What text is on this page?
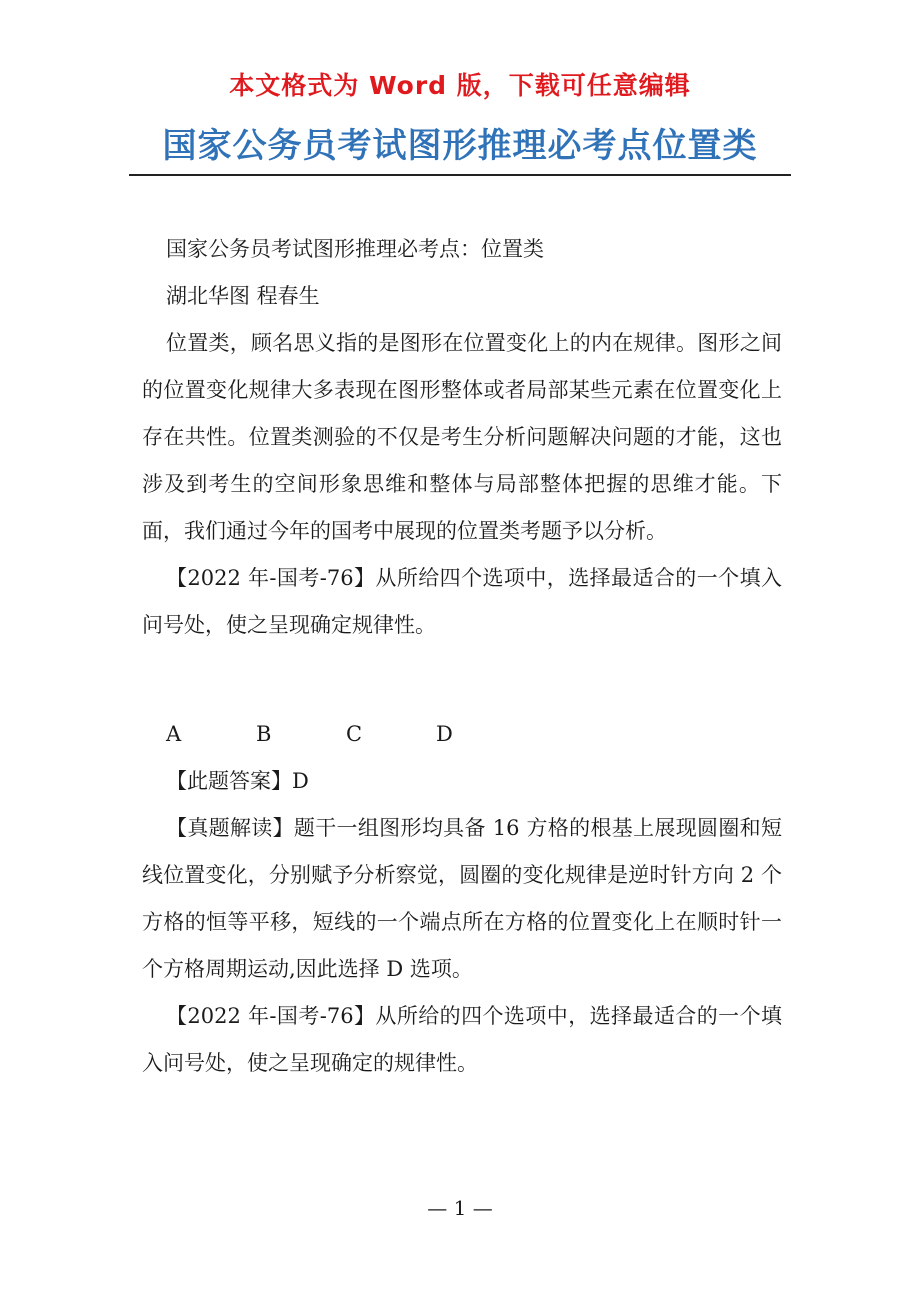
本文格式为 Word 版，下载可任意编辑
国家公务员考试图形推理必考点位置类

国家公务员考试图形推理必考点：位置类

湖北华图 程春生

位置类，顾名思义指的是图形在位置变化上的内在规律。图形之间的位置变化规律大多表现在图形整体或者局部某些元素在位置变化上存在共性。位置类测验的不仅是考生分析问题解决问题的才能，这也涉及到考生的空间形象思维和整体与局部整体把握的思维才能。下面，我们通过今年的国考中展现的位置类考题予以分析。

【2022 年-国考-76】从所给四个选项中，选择最适合的一个填入问号处，使之呈现确定规律性。

A	B	C	D

【此题答案】D

【真题解读】题干一组图形均具备 16 方格的根基上展现圆圈和短线位置变化，分别赋予分析察觉，圆圈的变化规律是逆时针方向 2 个方格的恒等平移，短线的一个端点所在方格的位置变化上在顺时针一个方格周期运动,因此选择 D 选项。

【2022 年-国考-76】从所给的四个选项中，选择最适合的一个填入问号处，使之呈现确定的规律性。

— 1 —
